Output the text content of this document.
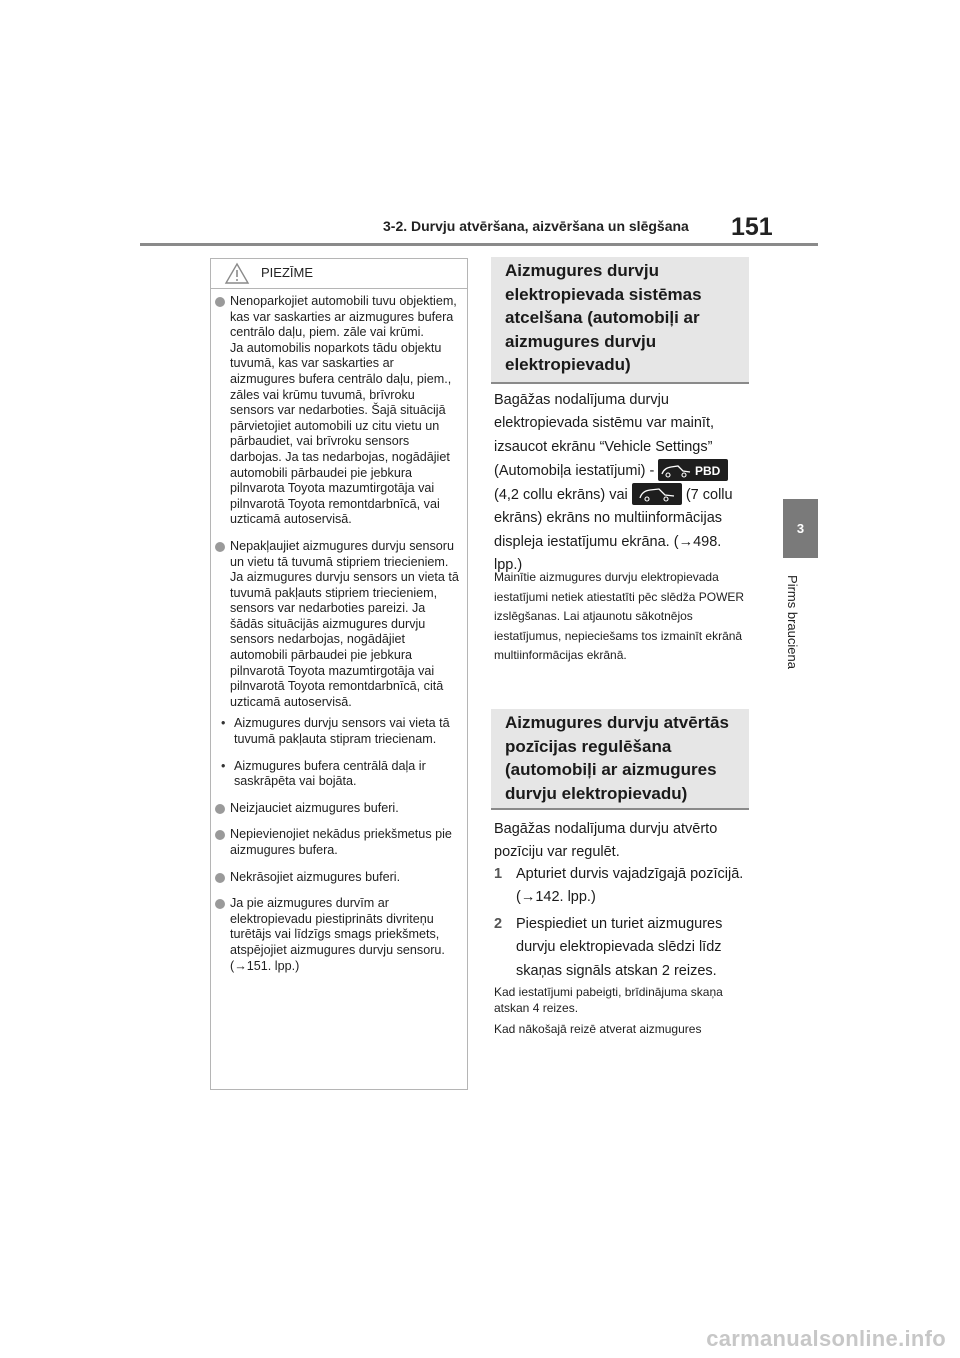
3-2. Durvju atvēršana, aizvēršana un slēgšana 151
3
Pirms brauciena
PIEZĪME

Nenoparkojiet automobili tuvu objektiem, kas var saskarties ar aizmugures bufera centrālo daļu, piem. zāle vai krūmi.

Ja automobilis noparkots tādu objektu tuvumā, kas var saskarties ar aizmugures bufera centrālo daļu, piem., zāles vai krūmu tuvumā, brīvroku sensors var nedarboties. Šajā situācijā pārvietojiet automobili uz citu vietu un pārbaudiet, vai brīvroku sensors darbojas. Ja tas nedarbojas, nogādājiet automobili pārbaudei pie jebkura pilnvarota Toyota mazumtirgotāja vai pilnvarotā Toyota remontdarbnīcā, vai uzticamā autoservisā.

Nepakļaujiet aizmugures durvju sensoru un vietu tā tuvumā stipriem triecieniem.

Ja aizmugures durvju sensors un vieta tā tuvumā pakļauts stipriem triecieniem, sensors var nedarboties pareizi. Ja šādās situācijās aizmugures durvju sensors nedarbojas, nogādājiet automobili pārbaudei pie jebkura pilnvarotā Toyota mazumtirgotāja vai pilnvarotā Toyota remontdarbnīcā, citā uzticamā autoservisā.

• Aizmugures durvju sensors vai vieta tā tuvumā pakļauta stipram triecienam.
• Aizmugures bufera centrālā daļa ir saskrāpēta vai bojāta.

Neizjauciet aizmugures buferi.

Nepievienojiet nekādus priekšmetus pie aizmugures bufera.

Nekrāsojiet aizmugures buferi.

Ja pie aizmugures durvīm ar elektropievadu piestiprināts divriteņu turētājs vai līdzīgs smags priekšmets, atspējojiet aizmugures durvju sensoru. (→151. lpp.)

Aizmugures durvju elektropievada sistēmas atcelšana (automobiļi ar aizmugures durvju elektropievadu)
Bagāžas nodalījuma durvju elektropievada sistēmu var mainīt, izsaucot ekrānu “Vehicle Settings” (Automobiļa iestatījumi) -	PBD
(4,2 collu ekrāns) vai	(7 collu ekrāns) ekrāns no multiinformācijas displeja iestatījumu ekrāna. (→498. lpp.)
Mainītie aizmugures durvju elektropievada iestatījumi netiek atiestatīti pēc slēdža POWER izslēgšanas. Lai atjaunotu sākotnējos iestatījumus, nepieciešams tos izmainīt ekrānā multiinformācijas ekrānā.
Aizmugures durvju atvērtās pozīcijas regulēšana (automobiļi ar aizmugures durvju elektropievadu)
Bagāžas nodalījuma durvju atvērto pozīciju var regulēt.
1 Apturiet durvis vajadzīgajā pozīcijā. (→142. lpp.)
2 Piespiediet un turiet aizmugures durvju elektropievada slēdzi līdz skaņas signāls atskan 2 reizes.
Kad iestatījumi pabeigti, brīdinājuma skaņa atskan 4 reizes.
Kad nākošajā reizē atverat aizmugures
carmanualsonline.info
